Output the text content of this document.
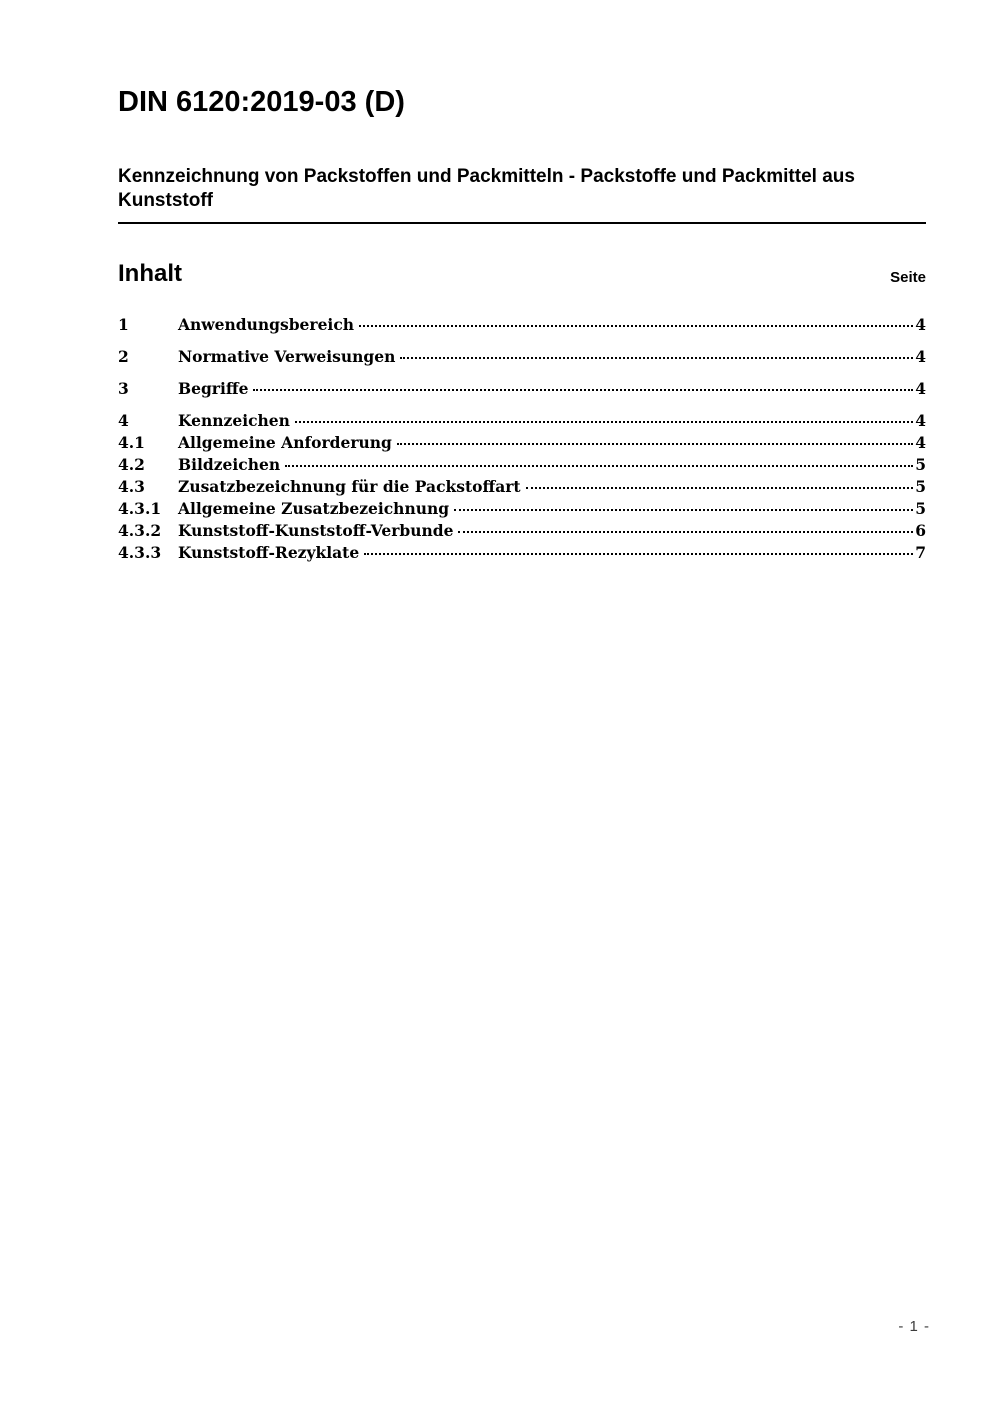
DIN 6120:2019-03 (D)
Kennzeichnung von Packstoffen und Packmitteln - Packstoffe und Packmittel aus Kunststoff
Inhalt	Seite
1	Anwendungsbereich	4
2	Normative Verweisungen	4
3	Begriffe	4
4	Kennzeichen	4
4.1	Allgemeine Anforderung	4
4.2	Bildzeichen	5
4.3	Zusatzbezeichnung für die Packstoffart	5
4.3.1	Allgemeine Zusatzbezeichnung	5
4.3.2	Kunststoff-Kunststoff-Verbunde	6
4.3.3	Kunststoff-Rezyklate	7
- 1 -
